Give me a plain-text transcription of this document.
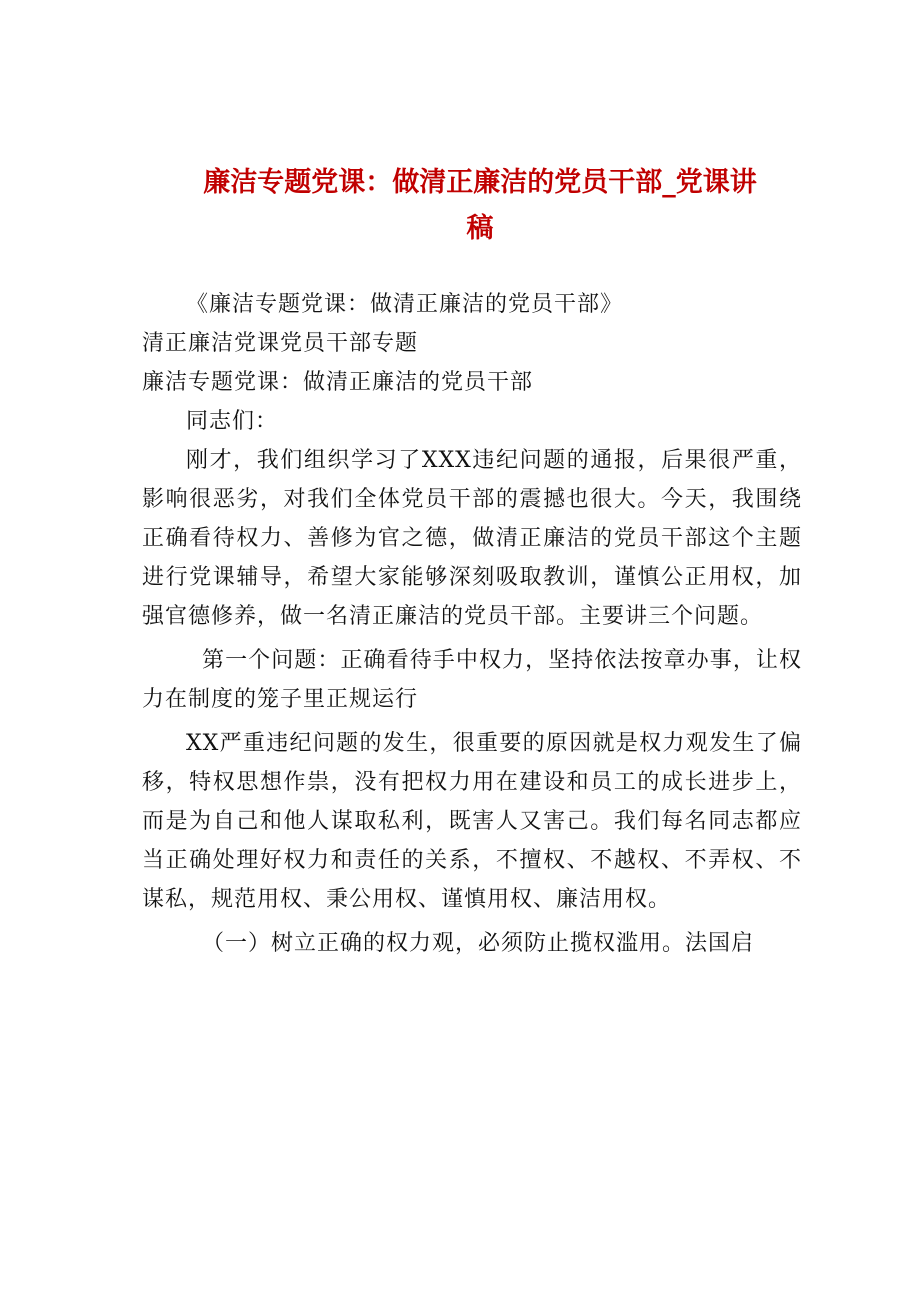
廉洁专题党课：做清正廉洁的党员干部_党课讲
稿

《廉洁专题党课：做清正廉洁的党员干部》

清正廉洁党课党员干部专题

廉洁专题党课：做清正廉洁的党员干部

同志们：

刚才，我们组织学习了XXX违纪问题的通报，后果很严重，影响很恶劣，对我们全体党员干部的震撼也很大。今天，我围绕正确看待权力、善修为官之德，做清正廉洁的党员干部这个主题进行党课辅导，希望大家能够深刻吸取教训，谨慎公正用权，加强官德修养，做一名清正廉洁的党员干部。主要讲三个问题。

第一个问题：正确看待手中权力，坚持依法按章办事，让权力在制度的笼子里正规运行

XX严重违纪问题的发生，很重要的原因就是权力观发生了偏移，特权思想作祟，没有把权力用在建设和员工的成长进步上，而是为自己和他人谋取私利，既害人又害己。我们每名同志都应当正确处理好权力和责任的关系，不擅权、不越权、不弄权、不谋私，规范用权、秉公用权、谨慎用权、廉洁用权。

（一）树立正确的权力观，必须防止揽权滥用。法国启
